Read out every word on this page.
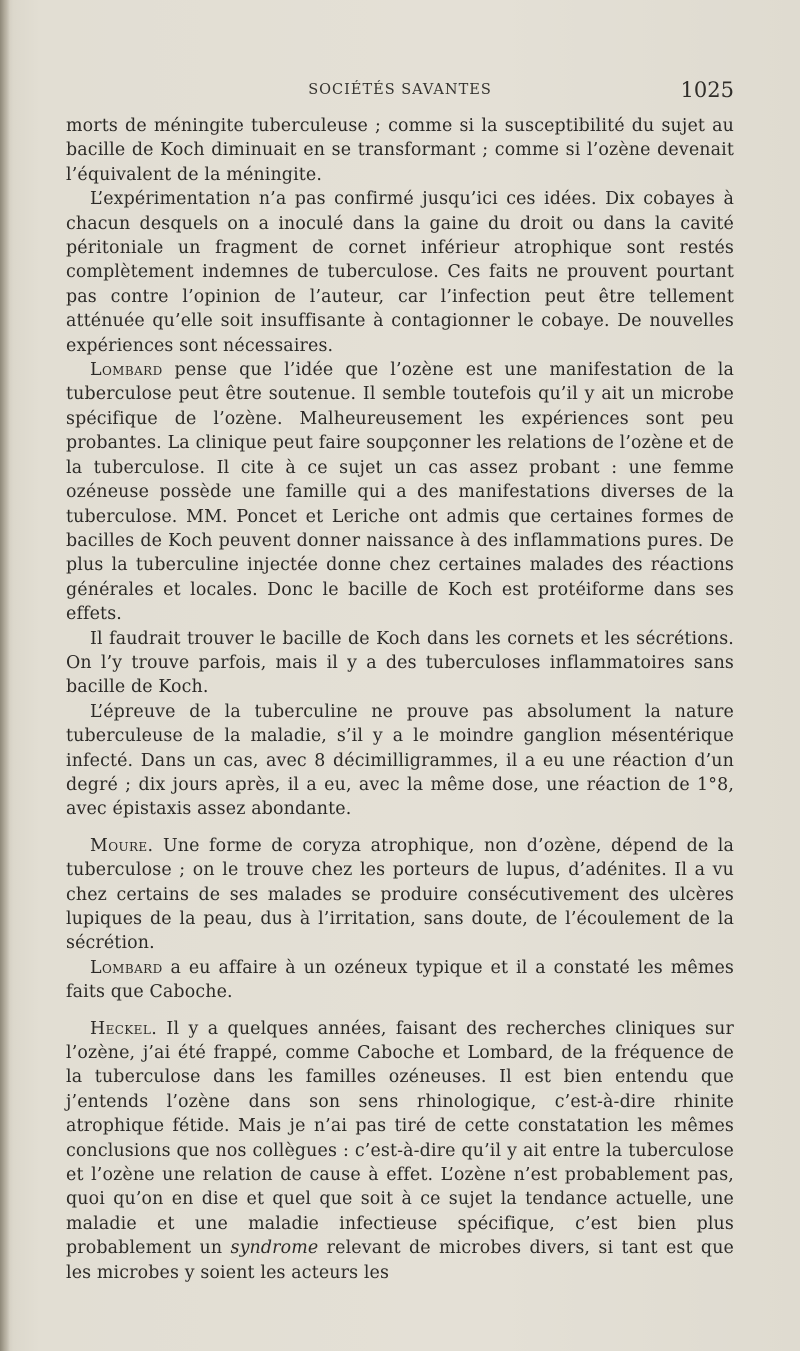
SOCIÉTÉS SAVANTES	1025

morts de méningite tuberculeuse ; comme si la susceptibilité du sujet au bacille de Koch diminuait en se transformant ; comme si l’ozène devenait l’équivalent de la méningite.

L’expérimentation n’a pas confirmé jusqu’ici ces idées. Dix cobayes à chacun desquels on a inoculé dans la gaine du droit ou dans la cavité péritoniale un fragment de cornet inférieur atrophique sont restés complètement indemnes de tuberculose. Ces faits ne prouvent pourtant pas contre l’opinion de l’auteur, car l’infection peut être tellement atténuée qu’elle soit insuffisante à contagionner le cobaye. De nouvelles expériences sont nécessaires.

Lombard pense que l’idée que l’ozène est une manifestation de la tuberculose peut être soutenue. Il semble toutefois qu’il y ait un microbe spécifique de l’ozène. Malheureusement les expériences sont peu probantes. La clinique peut faire soupçonner les relations de l’ozène et de la tuberculose. Il cite à ce sujet un cas assez probant : une femme ozéneuse possède une famille qui a des manifestations diverses de la tuberculose. MM. Poncet et Leriche ont admis que certaines formes de bacilles de Koch peuvent donner naissance à des inflammations pures. De plus la tuberculine injectée donne chez certaines malades des réactions générales et locales. Donc le bacille de Koch est protéiforme dans ses effets.

Il faudrait trouver le bacille de Koch dans les cornets et les sécrétions. On l’y trouve parfois, mais il y a des tuberculoses inflammatoires sans bacille de Koch.

L’épreuve de la tuberculine ne prouve pas absolument la nature tuberculeuse de la maladie, s’il y a le moindre ganglion mésentérique infecté. Dans un cas, avec 8 décimilligrammes, il a eu une réaction d’un degré ; dix jours après, il a eu, avec la même dose, une réaction de 1°8, avec épistaxis assez abondante.

Moure. Une forme de coryza atrophique, non d’ozène, dépend de la tuberculose ; on le trouve chez les porteurs de lupus, d’adénites. Il a vu chez certains de ses malades se produire consécutivement des ulcères lupiques de la peau, dus à l’irritation, sans doute, de l’écoulement de la sécrétion.

Lombard a eu affaire à un ozéneux typique et il a constaté les mêmes faits que Caboche.

Heckel. Il y a quelques années, faisant des recherches cliniques sur l’ozène, j’ai été frappé, comme Caboche et Lombard, de la fréquence de la tuberculose dans les familles ozéneuses. Il est bien entendu que j’entends l’ozène dans son sens rhinologique, c’est-à-dire rhinite atrophique fétide. Mais je n’ai pas tiré de cette constatation les mêmes conclusions que nos collègues : c’est-à-dire qu’il y ait entre la tuberculose et l’ozène une relation de cause à effet. L’ozène n’est probablement pas, quoi qu’on en dise et quel que soit à ce sujet la tendance actuelle, une maladie et une maladie infectieuse spécifique, c’est bien plus probablement un syndrome relevant de microbes divers, si tant est que les microbes y soient les acteurs les
